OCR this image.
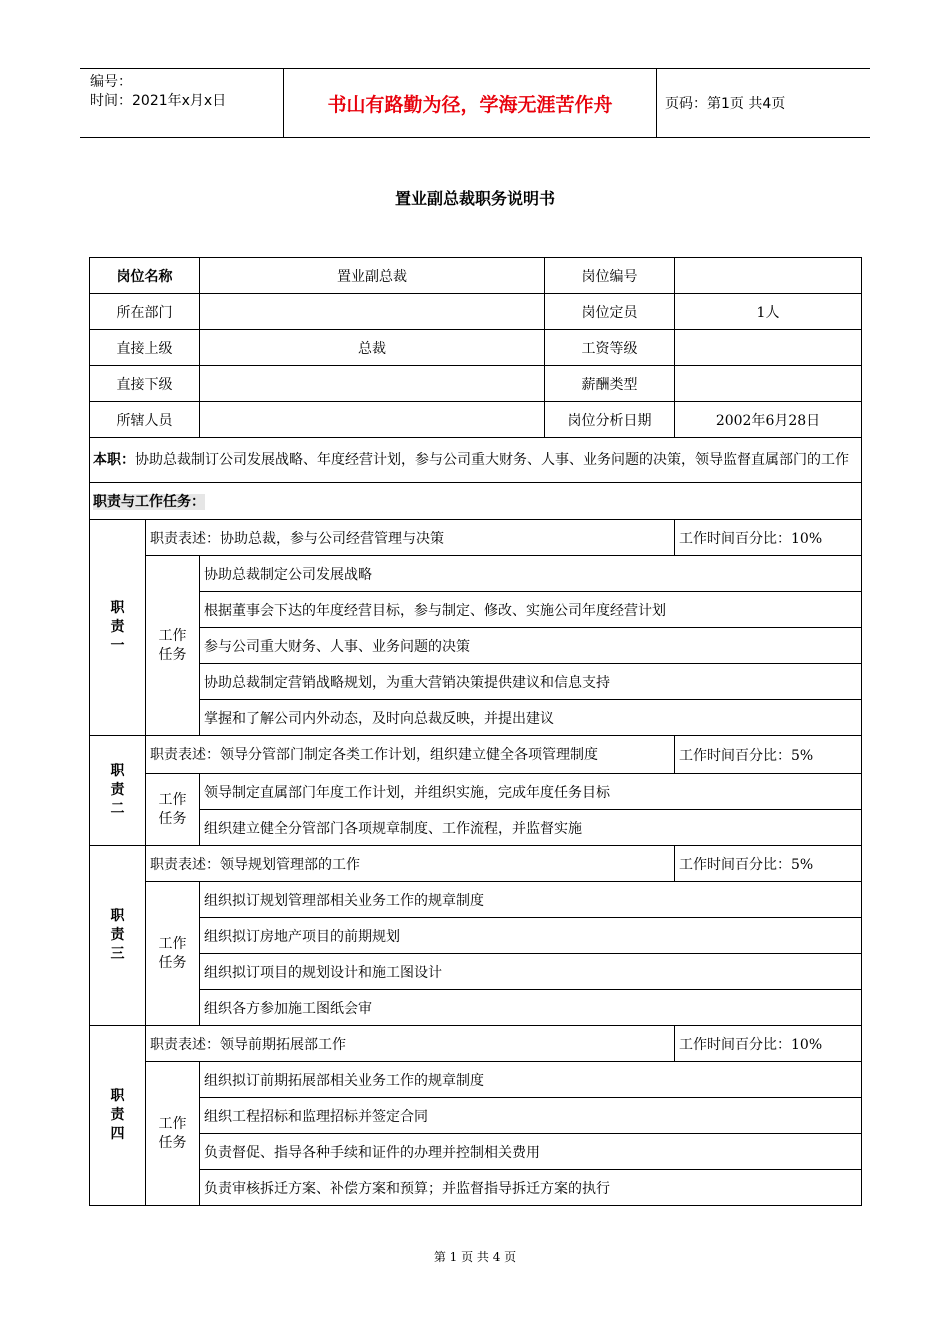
编号：
时间：2021年x月x日	书山有路勤为径，学海无涯苦作舟	页码：第1页 共4页
置业副总裁职务说明书
岗位名称		置业副总裁	岗位编号	
所在部门			岗位定员	1人
直接上级		总裁	工资等级	
直接下级			薪酬类型	
所辖人员			岗位分析日期	2002年6月28日
本职：协助总裁制订公司发展战略、年度经营计划，参与公司重大财务、人事、业务问题的决策，领导监督直属部门的工作				
职责与工作任务：				
职责一	职责表述：协助总裁，参与公司经营管理与决策			工作时间百分比：10%
	工作任务	协助总裁制定公司发展战略		
		根据董事会下达的年度经营目标，参与制定、修改、实施公司年度经营计划		
		参与公司重大财务、人事、业务问题的决策		
		协助总裁制定营销战略规划，为重大营销决策提供建议和信息支持		
		掌握和了解公司内外动态，及时向总裁反映，并提出建议		
职责二	职责表述：领导分管部门制定各类工作计划，组织建立健全各项管理制度			工作时间百分比：5%
	工作任务	领导制定直属部门年度工作计划，并组织实施，完成年度任务目标		
		组织建立健全分管部门各项规章制度、工作流程，并监督实施		
职责三	职责表述：领导规划管理部的工作			工作时间百分比：5%
	工作任务	组织拟订规划管理部相关业务工作的规章制度		
		组织拟订房地产项目的前期规划		
		组织拟订项目的规划设计和施工图设计		
		组织各方参加施工图纸会审		
职责四	职责表述：领导前期拓展部工作			工作时间百分比：10%
	工作任务	组织拟订前期拓展部相关业务工作的规章制度		
		组织工程招标和监理招标并签定合同		
		负责督促、指导各种手续和证件的办理并控制相关费用		
		负责审核拆迁方案、补偿方案和预算；并监督指导拆迁方案的执行		
第 1 页 共 4 页
